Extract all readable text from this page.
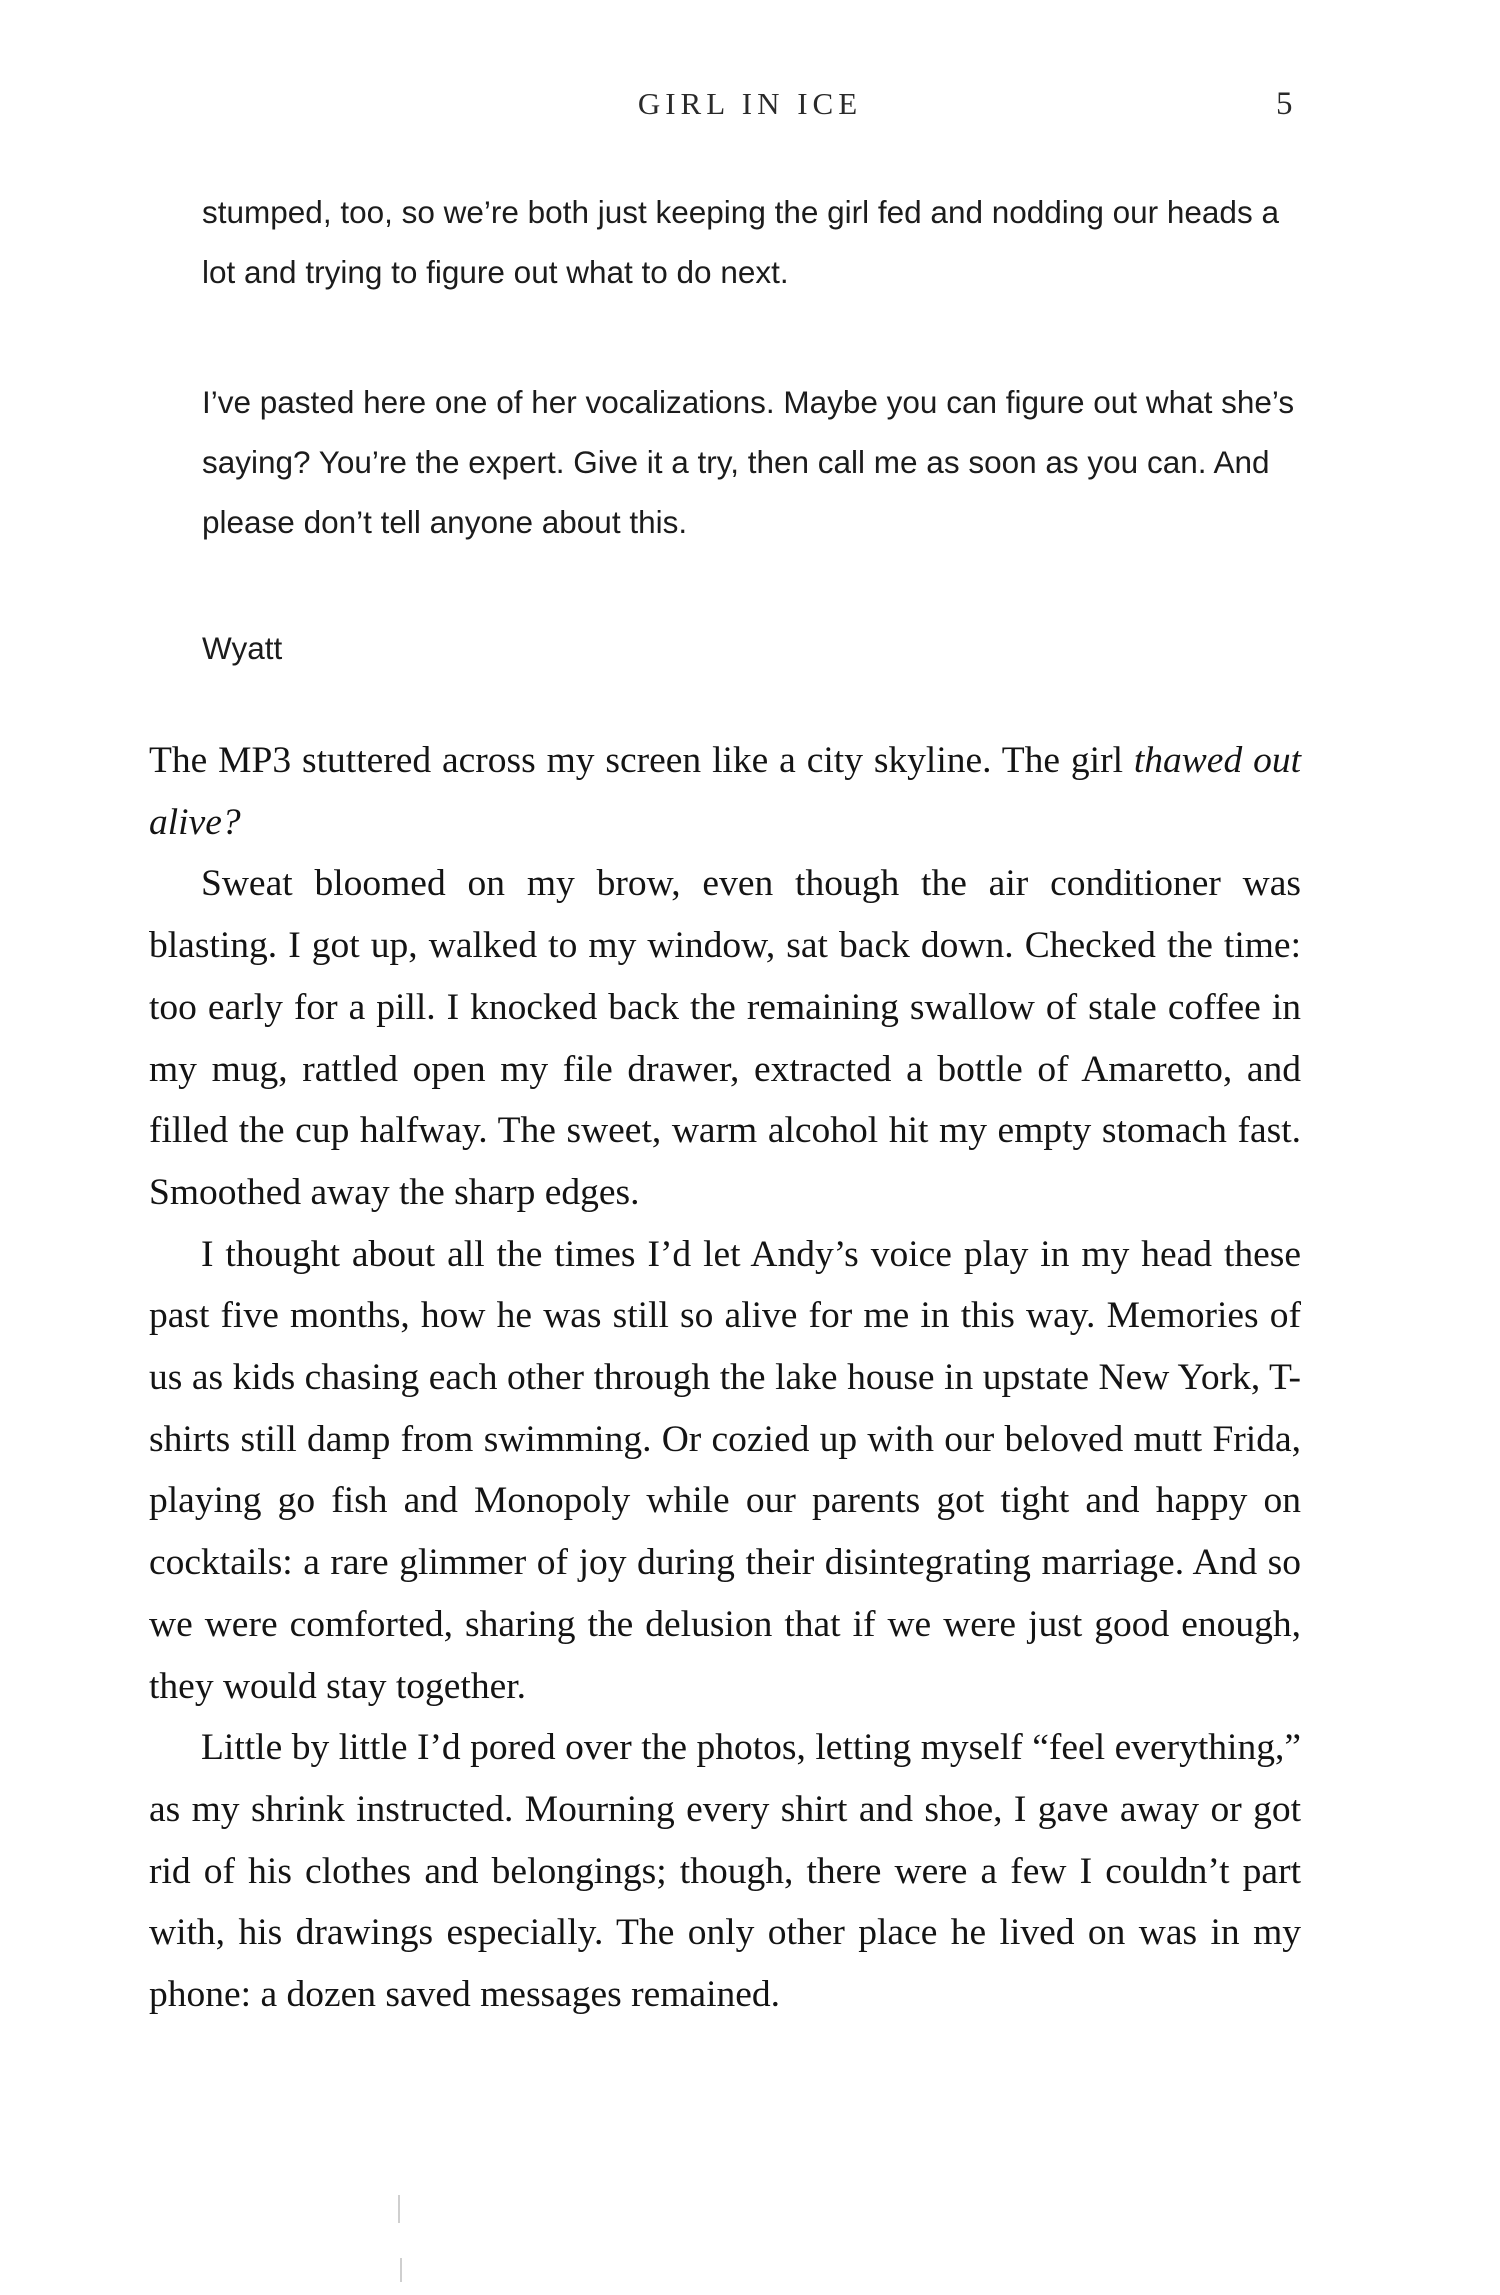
GIRL IN ICE	5

stumped, too, so we’re both just keeping the girl fed and nodding our heads a lot and trying to figure out what to do next.

I’ve pasted here one of her vocalizations. Maybe you can figure out what she’s saying? You’re the expert. Give it a try, then call me as soon as you can. And please don’t tell anyone about this.

Wyatt

The MP3 stuttered across my screen like a city skyline. The girl thawed out alive?

Sweat bloomed on my brow, even though the air conditioner was blasting. I got up, walked to my window, sat back down. Checked the time: too early for a pill. I knocked back the remaining swallow of stale coffee in my mug, rattled open my file drawer, extracted a bottle of Amaretto, and filled the cup halfway. The sweet, warm alcohol hit my empty stomach fast. Smoothed away the sharp edges.

I thought about all the times I’d let Andy’s voice play in my head these past five months, how he was still so alive for me in this way. Memories of us as kids chasing each other through the lake house in upstate New York, T-shirts still damp from swimming. Or cozied up with our beloved mutt Frida, playing go fish and Monopoly while our parents got tight and happy on cocktails: a rare glimmer of joy during their disintegrating marriage. And so we were comforted, sharing the delusion that if we were just good enough, they would stay together.

Little by little I’d pored over the photos, letting myself “feel everything,” as my shrink instructed. Mourning every shirt and shoe, I gave away or got rid of his clothes and belongings; though, there were a few I couldn’t part with, his drawings especially. The only other place he lived on was in my phone: a dozen saved messages remained.
